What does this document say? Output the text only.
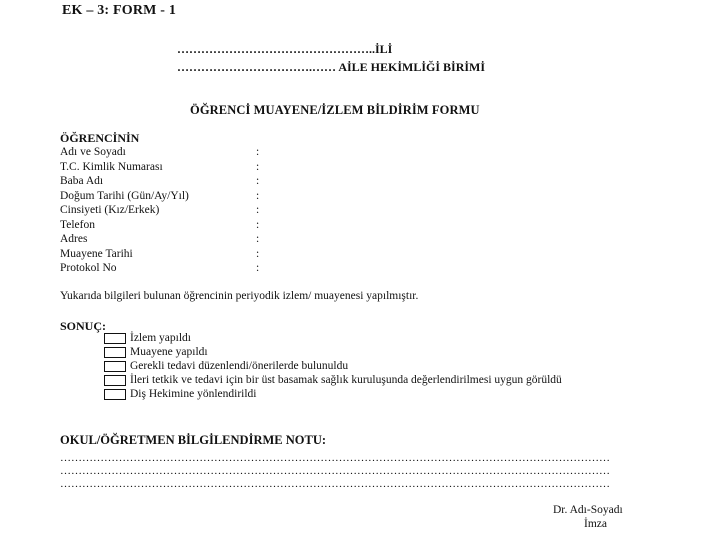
EK – 3: FORM - 1
…………………………………………..İLİ
…………………………….…… AİLE HEKİMLİĞİ BİRİMİ
ÖĞRENCİ MUAYENE/İZLEM BİLDİRİM FORMU
ÖĞRENCİNİN
Adı ve Soyadı	:
T.C. Kimlik Numarası	:
Baba Adı	:
Doğum Tarihi (Gün/Ay/Yıl)	:
Cinsiyeti (Kız/Erkek)	:
Telefon	:
Adres	:
Muayene Tarihi	:
Protokol No	:
Yukarıda bilgileri bulunan öğrencinin periyodik izlem/ muayenesi yapılmıştır.
SONUÇ:
İzlem yapıldı
Muayene yapıldı
Gerekli tedavi düzenlendi/önerilerde bulunuldu
İleri tetkik ve tedavi için bir üst basamak sağlık kuruluşunda değerlendirilmesi uygun görüldü
Diş Hekimine yönlendirildi
OKUL/ÖĞRETMEN BİLGİLENDİRME NOTU:
……………………………………………………………………………………………………………………………………
……………………………………………………………………………………………………………………………………
……………………………………………………………………………………………………………………………………
Dr. Adı-Soyadı
İmza
